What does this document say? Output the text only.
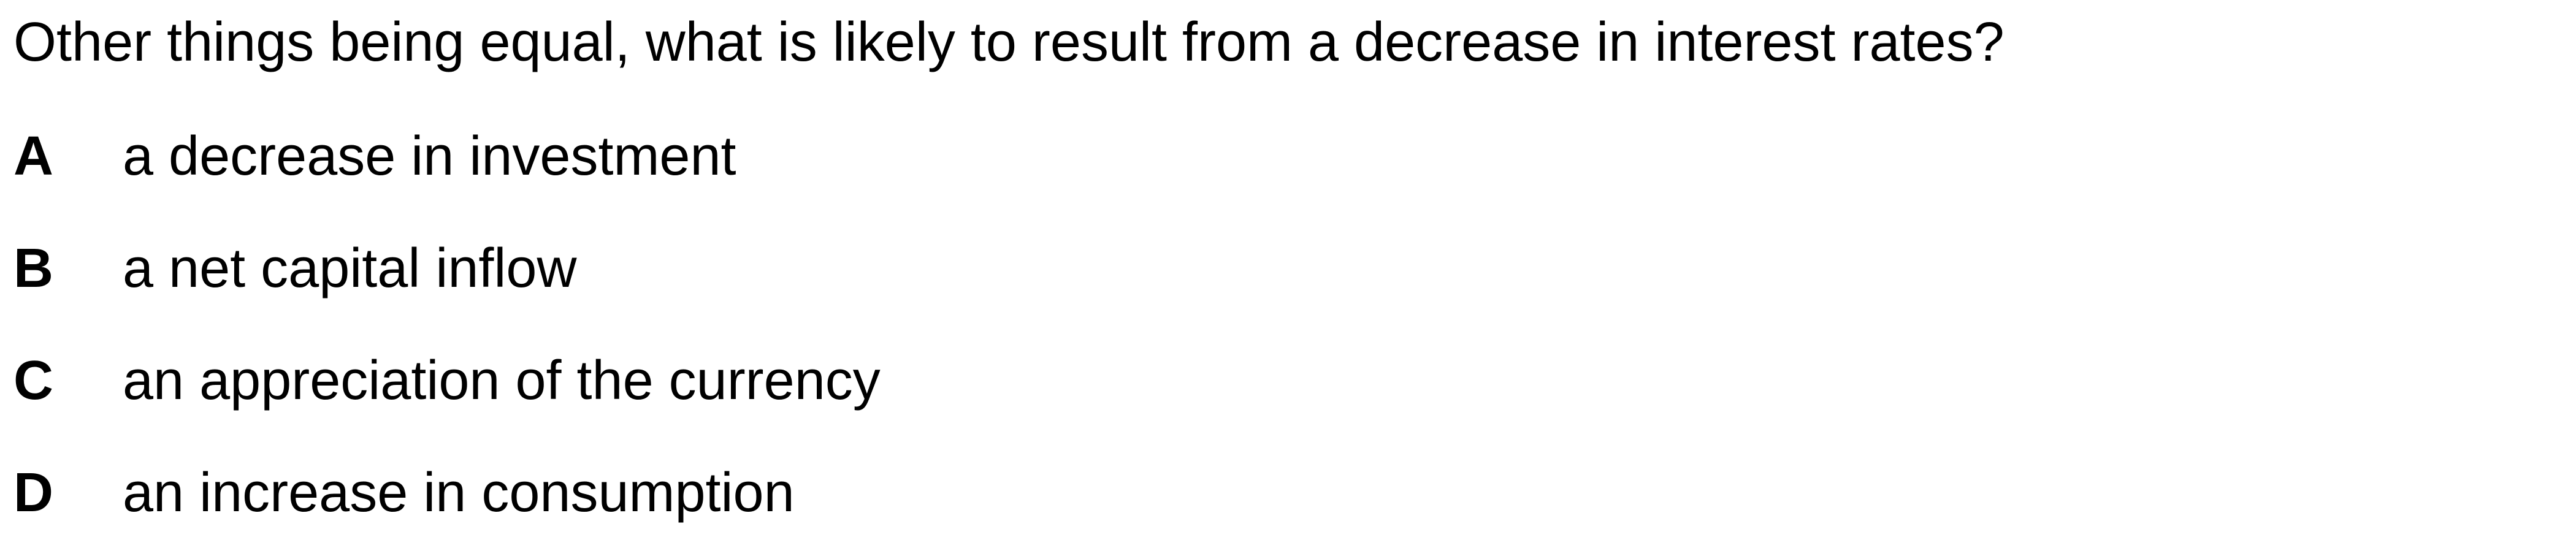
Other things being equal, what is likely to result from a decrease in interest rates?
A a decrease in investment
B a net capital inflow
C an appreciation of the currency
D an increase in consumption
